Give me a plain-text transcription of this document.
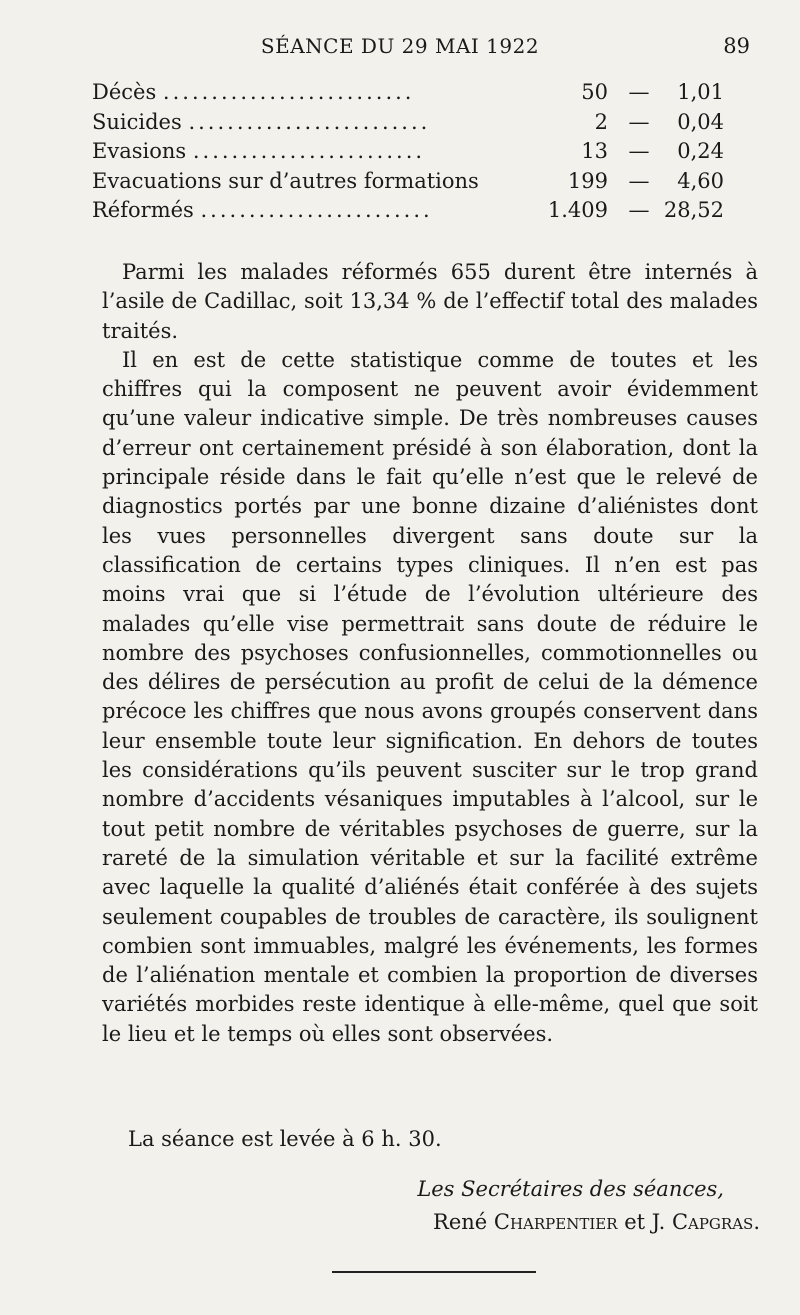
SÉANCE DU 29 MAI 1922	89
Décès ..........................	50 — 1,01
Suicides .........................	2 — 0,04
Evasions ........................	13 — 0,24
Evacuations sur d’autres formations	199 — 4,60
Réformés ........................	1.409 — 28,52

Parmi les malades réformés 655 durent être internés à l’asile de Cadillac, soit 13,34 % de l’effectif total des malades traités.

Il en est de cette statistique comme de toutes et les chiffres qui la composent ne peuvent avoir évidemment qu’une valeur indicative simple. De très nombreuses causes d’erreur ont certainement présidé à son élaboration, dont la principale réside dans le fait qu’elle n’est que le relevé de diagnostics portés par une bonne dizaine d’aliénistes dont les vues personnelles divergent sans doute sur la classification de certains types cliniques. Il n’en est pas moins vrai que si l’étude de l’évolution ultérieure des malades qu’elle vise permettrait sans doute de réduire le nombre des psychoses confusionnelles, commotionnelles ou des délires de persécution au profit de celui de la démence précoce les chiffres que nous avons groupés conservent dans leur ensemble toute leur signification. En dehors de toutes les considérations qu’ils peuvent susciter sur le trop grand nombre d’accidents vésaniques imputables à l’alcool, sur le tout petit nombre de véritables psychoses de guerre, sur la rareté de la simulation véritable et sur la facilité extrême avec laquelle la qualité d’aliénés était conférée à des sujets seulement coupables de troubles de caractère, ils soulignent combien sont immuables, malgré les événements, les formes de l’aliénation mentale et combien la proportion de diverses variétés morbides reste identique à elle-même, quel que soit le lieu et le temps où elles sont observées.

La séance est levée à 6 h. 30.
Les Secrétaires des séances,
René Charpentier et J. Capgras.
